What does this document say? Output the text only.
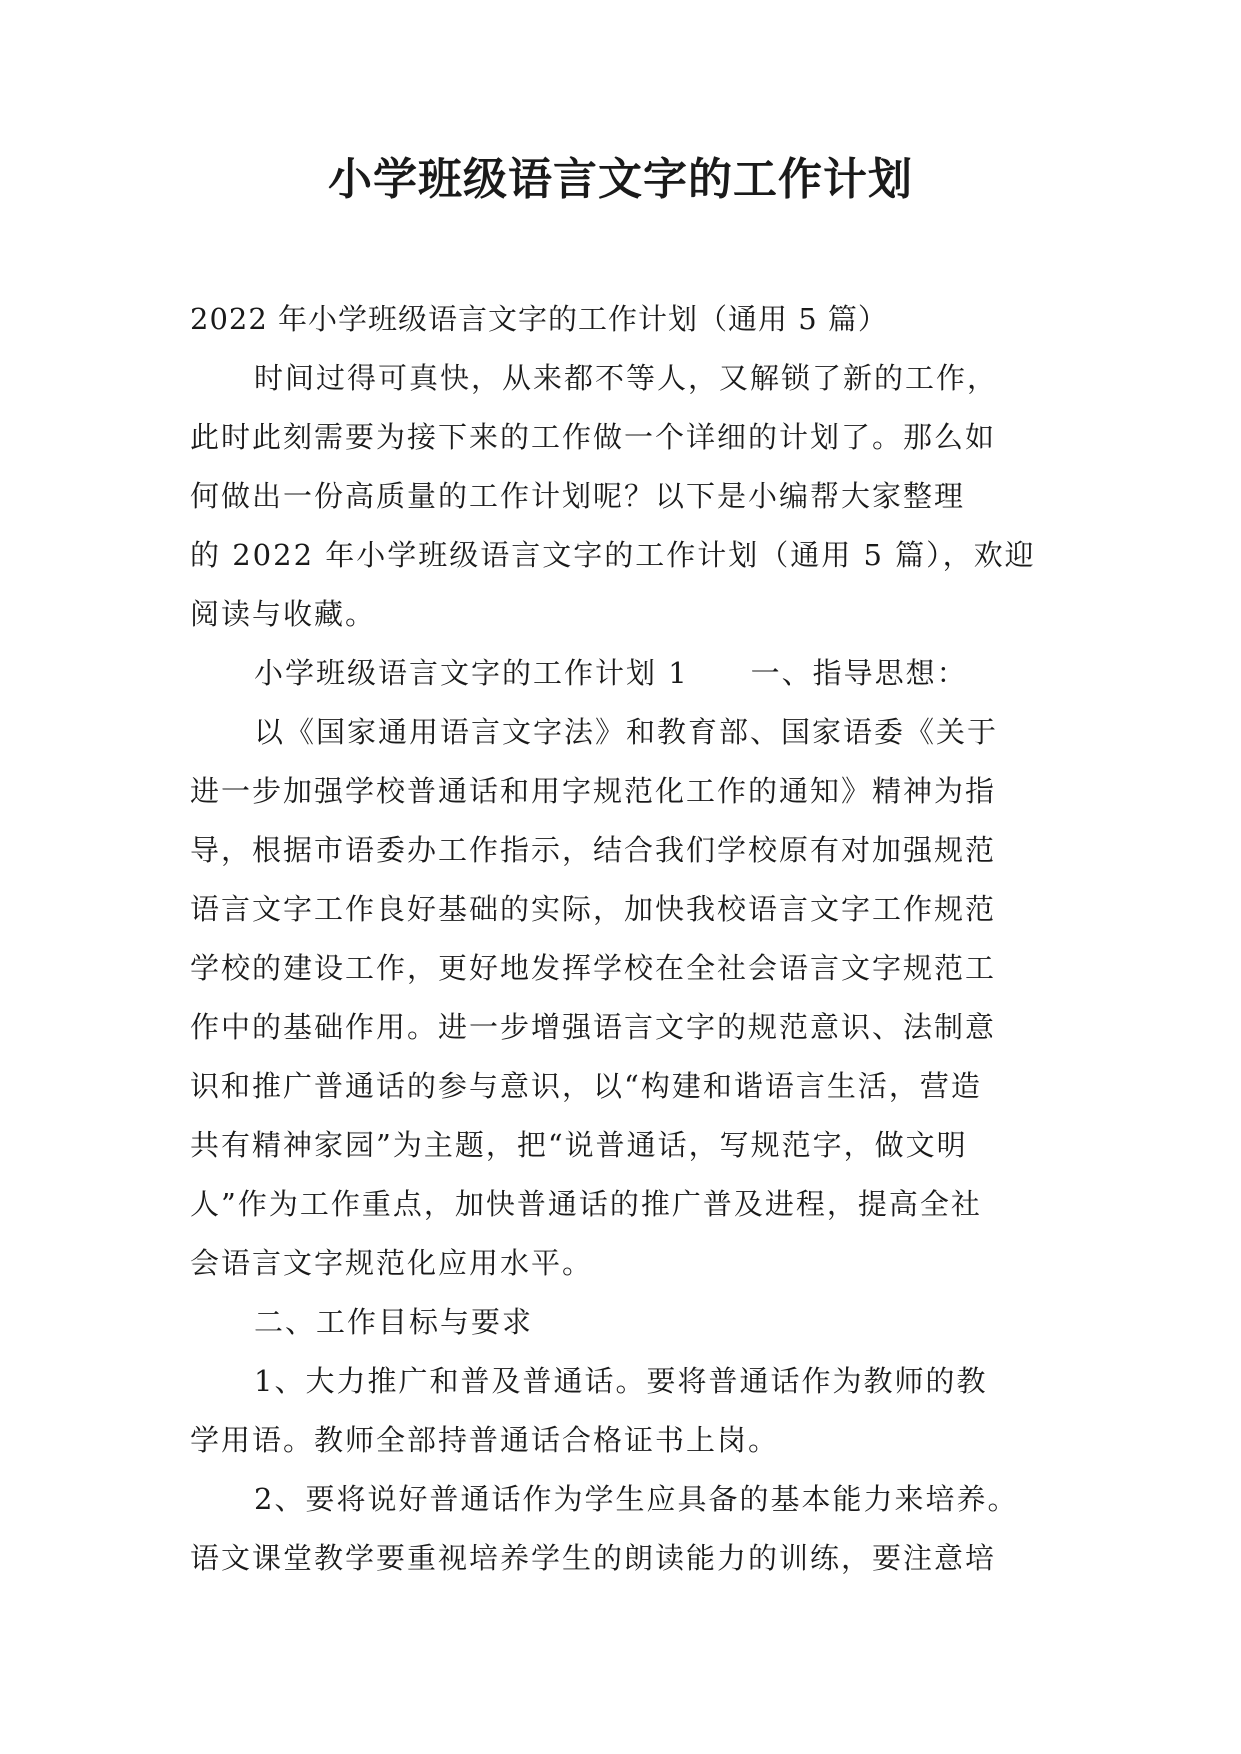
小学班级语言文字的工作计划
2022 年小学班级语言文字的工作计划（通用 5 篇）
时间过得可真快，从来都不等人，又解锁了新的工作，
此时此刻需要为接下来的工作做一个详细的计划了。那么如
何做出一份高质量的工作计划呢？以下是小编帮大家整理
的 2022 年小学班级语言文字的工作计划（通用 5 篇），欢迎
阅读与收藏。
小学班级语言文字的工作计划 1　　一、指导思想：
以《国家通用语言文字法》和教育部、国家语委《关于
进一步加强学校普通话和用字规范化工作的通知》精神为指
导，根据市语委办工作指示，结合我们学校原有对加强规范
语言文字工作良好基础的实际，加快我校语言文字工作规范
学校的建设工作，更好地发挥学校在全社会语言文字规范工
作中的基础作用。进一步增强语言文字的规范意识、法制意
识和推广普通话的参与意识，以“构建和谐语言生活，营造
共有精神家园”为主题，把“说普通话，写规范字，做文明
人”作为工作重点，加快普通话的推广普及进程，提高全社
会语言文字规范化应用水平。
二、工作目标与要求
1、大力推广和普及普通话。要将普通话作为教师的教
学用语。教师全部持普通话合格证书上岗。
2、要将说好普通话作为学生应具备的基本能力来培养。
语文课堂教学要重视培养学生的朗读能力的训练，要注意培
